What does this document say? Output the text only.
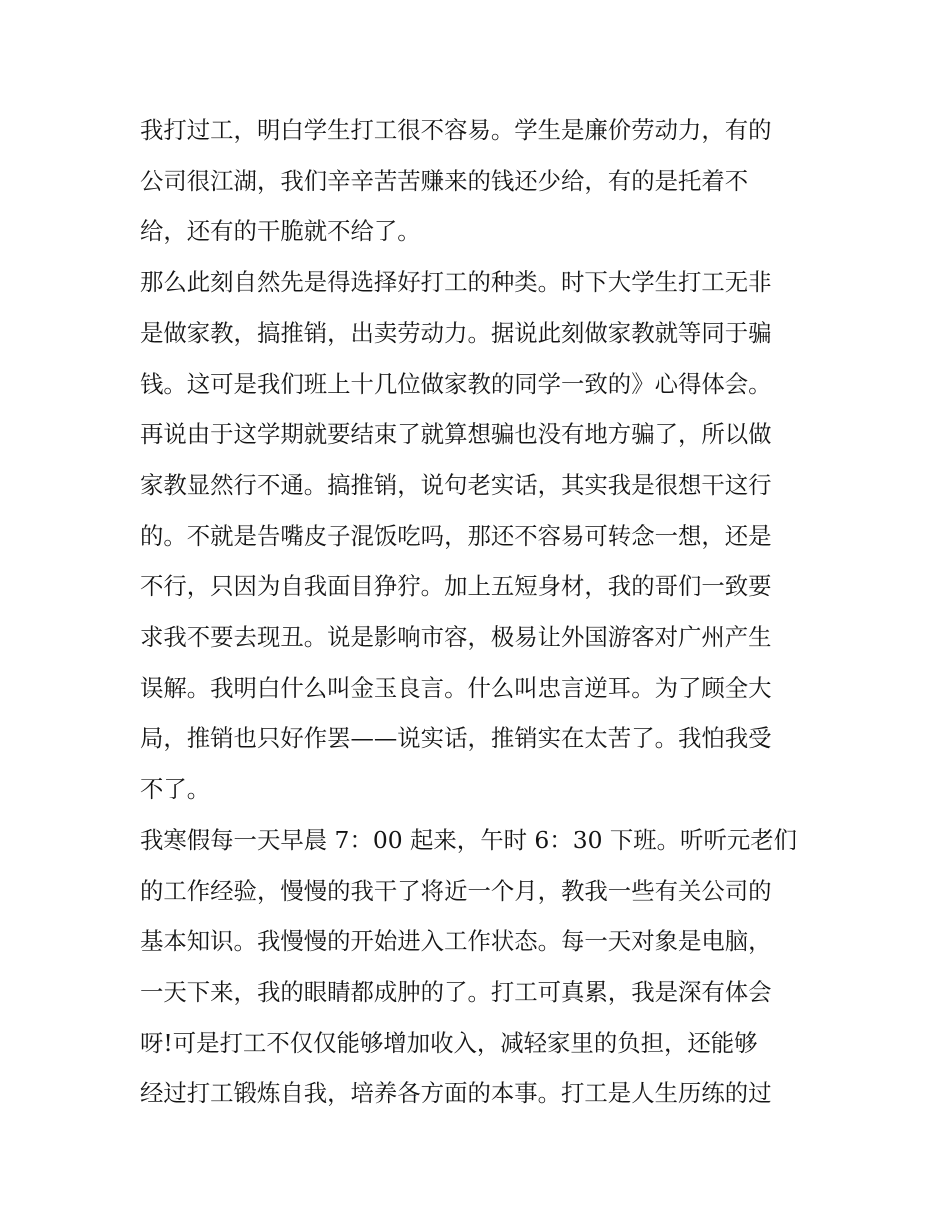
我打过工，明白学生打工很不容易。学生是廉价劳动力，有的

公司很江湖，我们辛辛苦苦赚来的钱还少给，有的是托着不

给，还有的干脆就不给了。

那么此刻自然先是得选择好打工的种类。时下大学生打工无非

是做家教，搞推销，出卖劳动力。据说此刻做家教就等同于骗

钱。这可是我们班上十几位做家教的同学一致的》心得体会。

再说由于这学期就要结束了就算想骗也没有地方骗了，所以做

家教显然行不通。搞推销，说句老实话，其实我是很想干这行

的。不就是告嘴皮子混饭吃吗，那还不容易可转念一想，还是

不行，只因为自我面目狰狞。加上五短身材，我的哥们一致要

求我不要去现丑。说是影响市容，极易让外国游客对广州产生

误解。我明白什么叫金玉良言。什么叫忠言逆耳。为了顾全大

局，推销也只好作罢——说实话，推销实在太苦了。我怕我受

不了。

我寒假每一天早晨 7：00 起来，午时 6：30 下班。听听元老们

的工作经验，慢慢的我干了将近一个月，教我一些有关公司的

基本知识。我慢慢的开始进入工作状态。每一天对象是电脑，

一天下来，我的眼睛都成肿的了。打工可真累，我是深有体会

呀!可是打工不仅仅能够增加收入，减轻家里的负担，还能够

经过打工锻炼自我，培养各方面的本事。打工是人生历练的过
